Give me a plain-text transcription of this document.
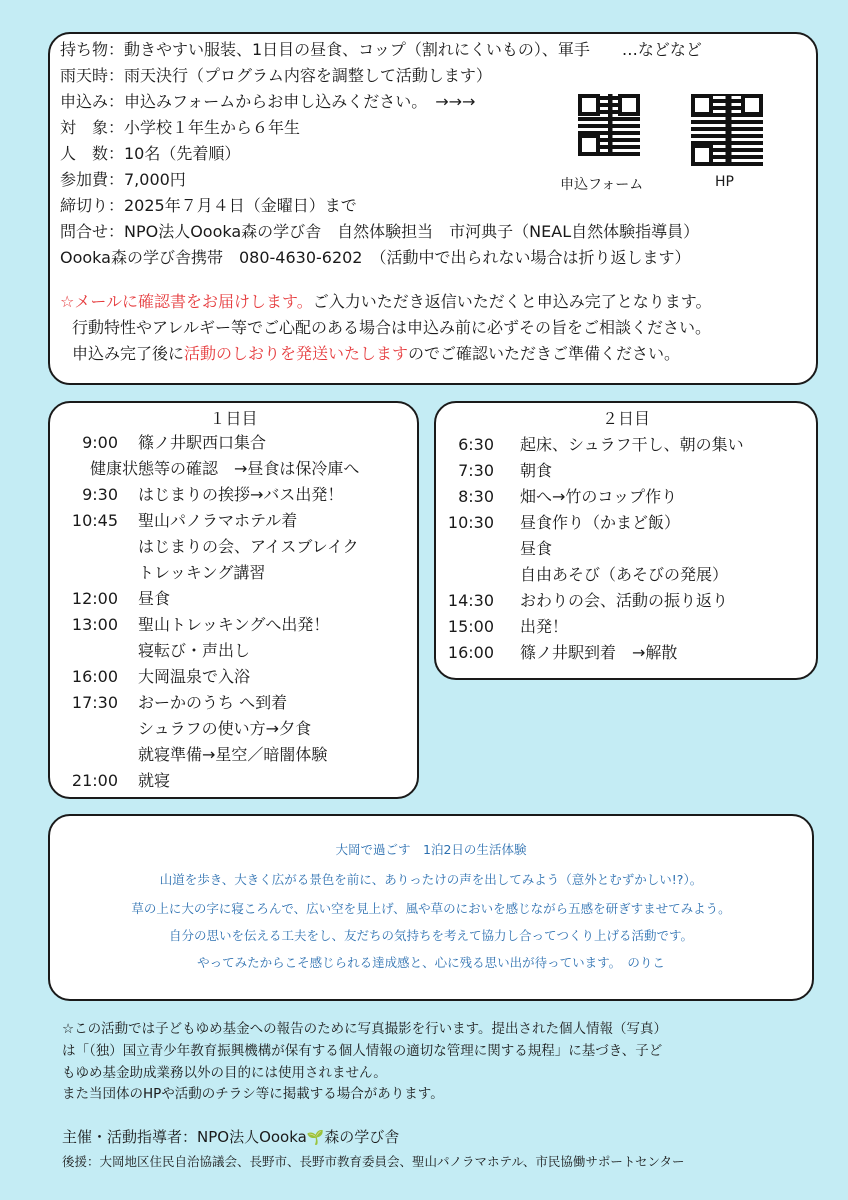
持ち物：動きやすい服装、1日目の昼食、コップ（割れにくいもの）、軍手　　…などなど
雨天時：雨天決行（プログラム内容を調整して活動します）
申込み：申込みフォームからお申し込みください。　→→→
対　象：小学校１年生から６年生
人　数：10名（先着順）
参加費：7,000円
締切り：2025年７月４日（金曜日）まで
問合せ：NPO法人Oooka森の学び舎　自然体験担当　市河典子（NEAL自然体験指導員）
Oooka森の学び舎携帯　080-4630-6202　（活動中で出られない場合は折り返します）
☆メールに確認書をお届けします。ご入力いただき返信いただくと申込み完了となります。
行動特性やアレルギー等でご心配のある場合は申込み前に必ずその旨をご相談ください。
申込み完了後に活動のしおりを発送いたしますのでご確認いただきご準備ください。
申込フォーム	HP
１日目
9:00 篠ノ井駅西口集合
健康状態等の確認　→昼食は保冷庫へ
9:30 はじまりの挨拶→バス出発！
10:45 聖山パノラマホテル着
はじまりの会、アイスブレイク
トレッキング講習
12:00 昼食
13:00 聖山トレッキングへ出発！
寝転び・声出し
16:00 大岡温泉で入浴
17:30 おーかのうち へ到着
シュラフの使い方→夕食
就寝準備→星空／暗闇体験
21:00 就寝
２日目
6:30 起床、シュラフ干し、朝の集い
7:30 朝食
8:30 畑へ→竹のコップ作り
10:30 昼食作り（かまど飯）
昼食
自由あそび（あそびの発展）
14:30 おわりの会、活動の振り返り
15:00 出発！
16:00 篠ノ井駅到着　→解散
大岡で過ごす　1泊2日の生活体験
山道を歩き、大きく広がる景色を前に、ありったけの声を出してみよう（意外とむずかしい!?）。
草の上に大の字に寝ころんで、広い空を見上げ、風や草のにおいを感じながら五感を研ぎすませてみよう。
自分の思いを伝える工夫をし、友だちの気持ちを考えて協力し合ってつくり上げる活動です。
やってみたからこそ感じられる達成感と、心に残る思い出が待っています。　のりこ
☆この活動では子どもゆめ基金への報告のために写真撮影を行います。提出された個人情報（写真）
は「（独）国立青少年教育振興機構が保有する個人情報の適切な管理に関する規程」に基づき、子ど
もゆめ基金助成業務以外の目的には使用されません。
また当団体のHPや活動のチラシ等に掲載する場合があります。
主催・活動指導者：NPO法人Oooka🌱森の学び舎
後援：大岡地区住民自治協議会、長野市、長野市教育委員会、聖山パノラマホテル、市民協働サポートセンター
